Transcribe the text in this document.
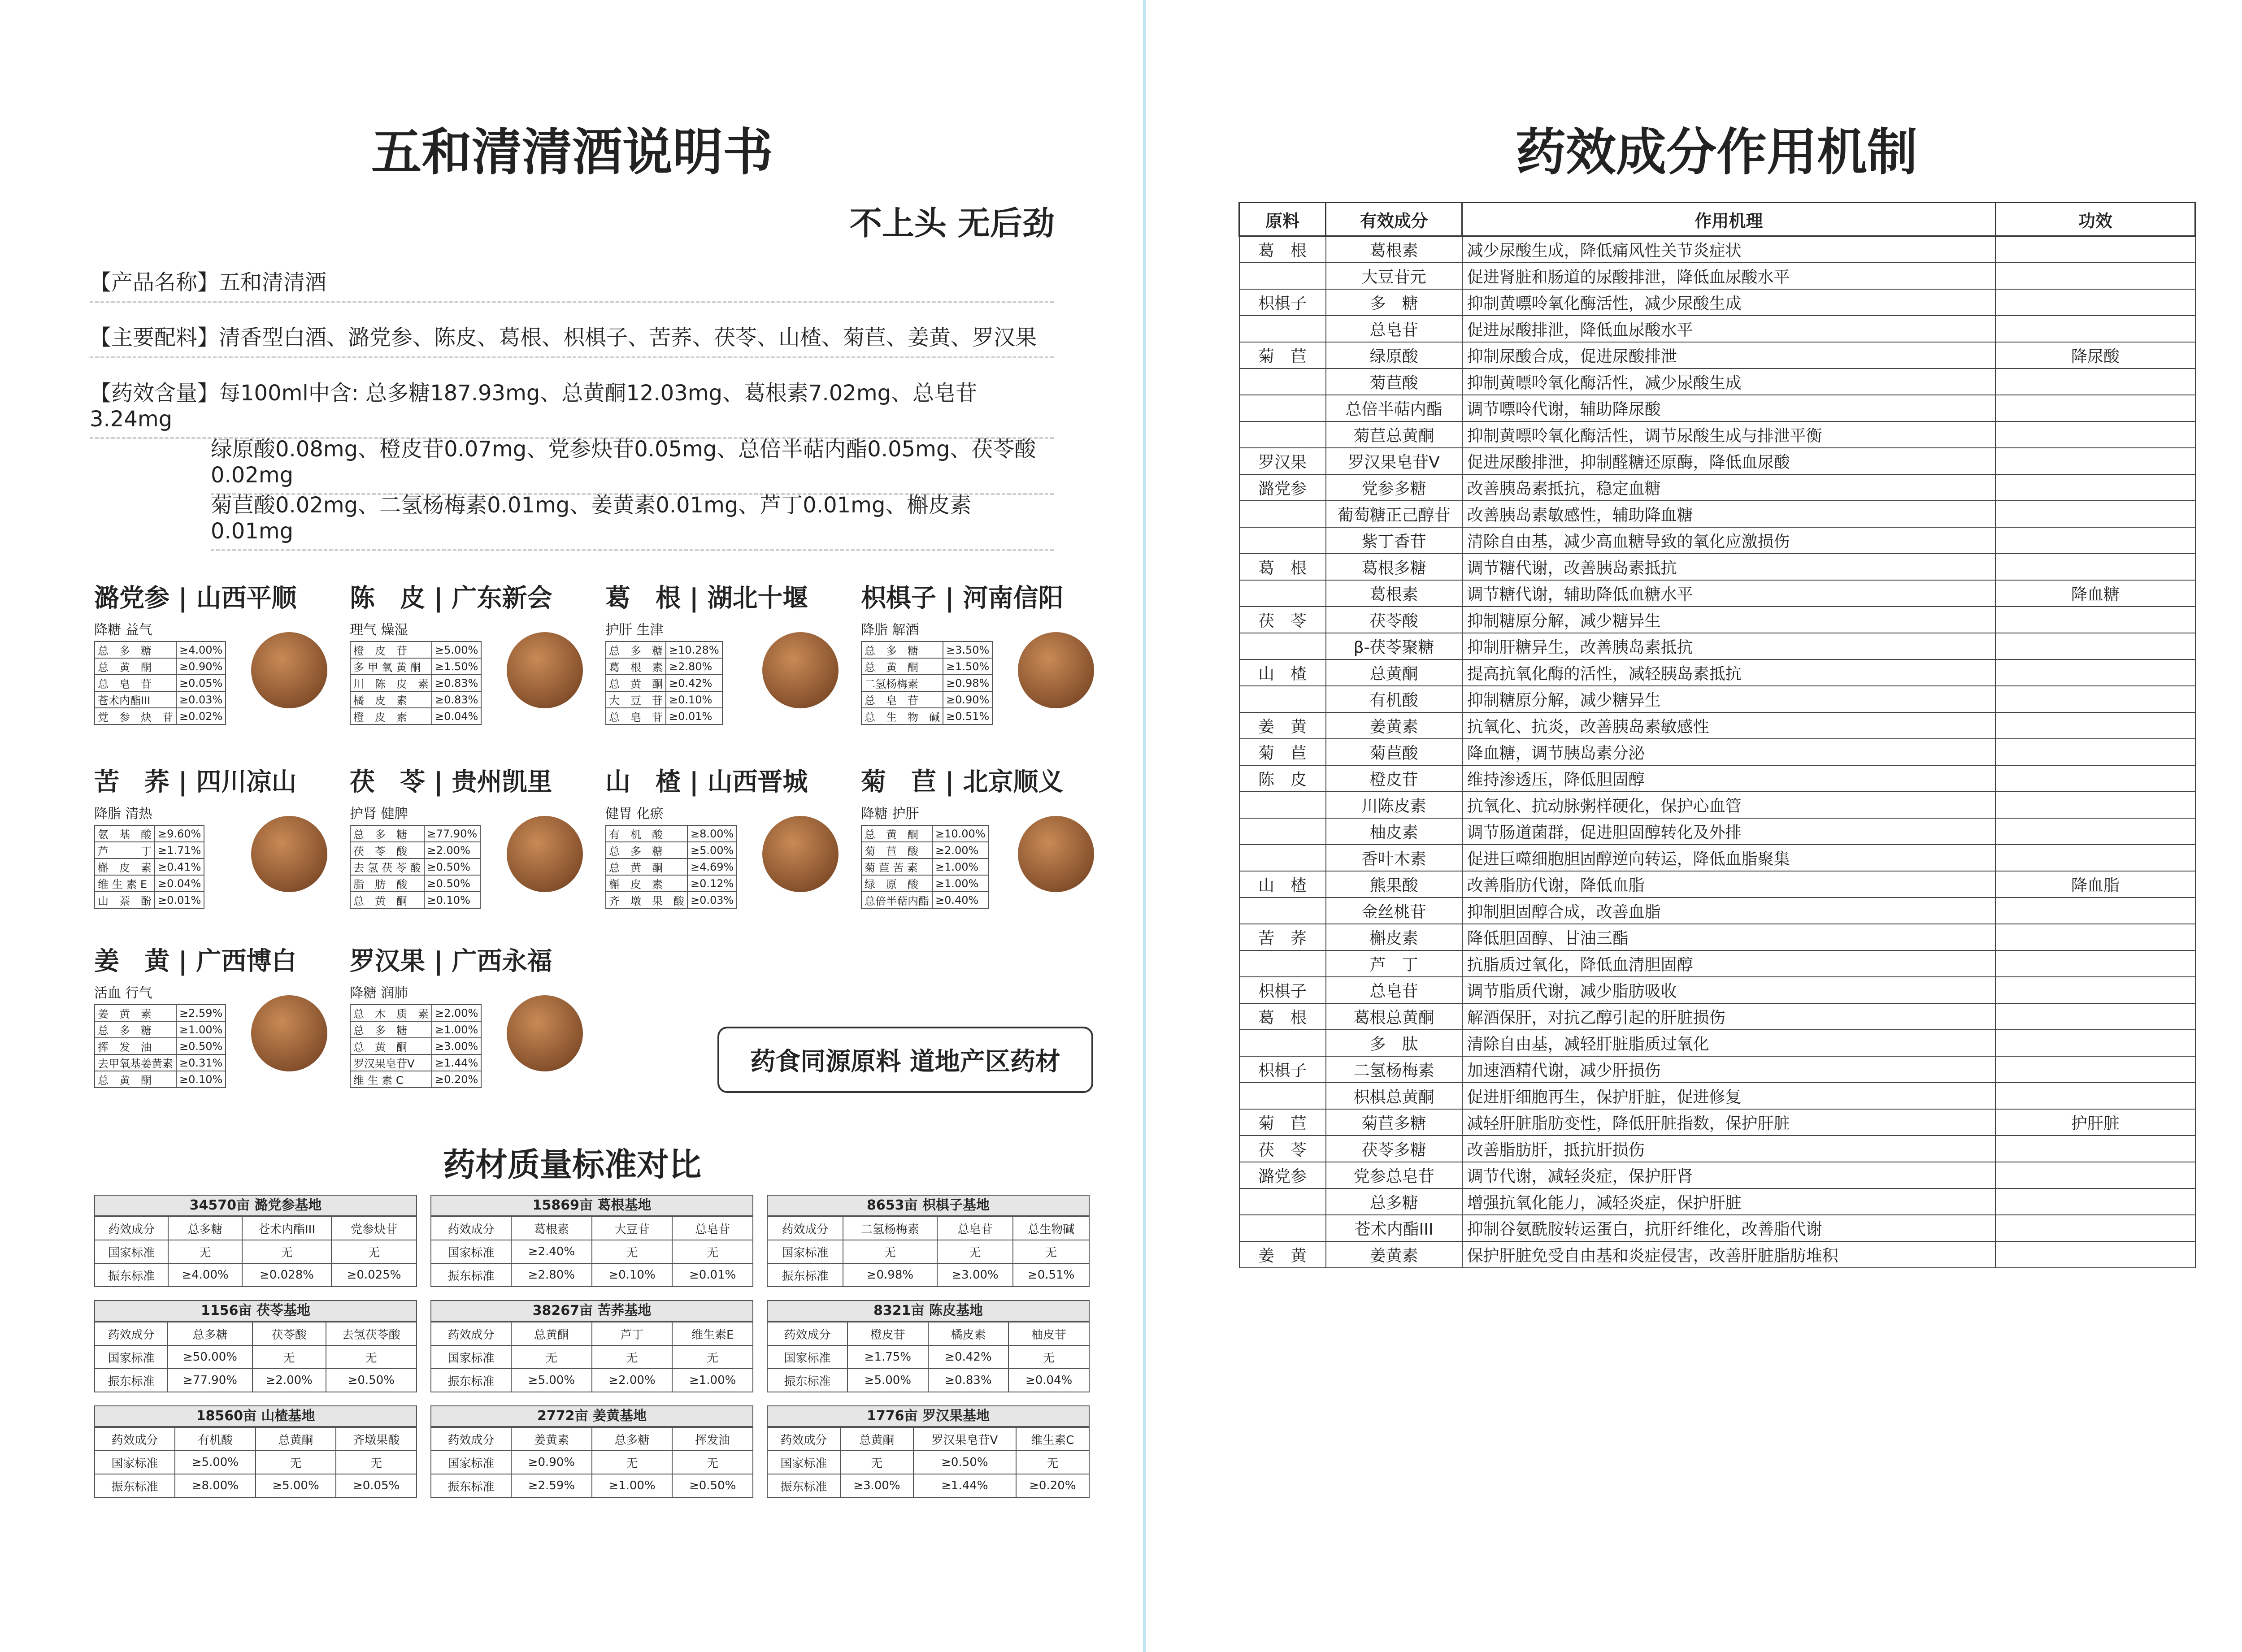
五和清清酒说明书
不上头 无后劲
【产品名称】五和清清酒
【主要配料】清香型白酒、潞党参、陈皮、葛根、枳椇子、苦荞、茯苓、山楂、菊苣、姜黄、罗汉果
【药效含量】每100ml中含: 总多糖187.93mg、总黄酮12.03mg、葛根素7.02mg、总皂苷3.24mg
绿原酸0.08mg、橙皮苷0.07mg、党参炔苷0.05mg、总倍半萜内酯0.05mg、茯苓酸0.02mg
菊苣酸0.02mg、二氢杨梅素0.01mg、姜黄素0.01mg、芦丁0.01mg、槲皮素0.01mg
潞党参 | 山西平顺
降糖 益气
总　多　糖	≥4.00%
总　黄　酮	≥0.90%
总　皂　苷	≥0.05%
苍术内酯III	≥0.03%
党　参　炔　苷	≥0.02%
陈　皮 | 广东新会
理气 燥湿
橙　皮　苷	≥5.00%
多 甲 氧 黄 酮	≥1.50%
川　陈　皮　素	≥0.83%
橘　皮　素	≥0.83%
橙　皮　素	≥0.04%
葛　根 | 湖北十堰
护肝 生津
总　多　糖	≥10.28%
葛　根　素	≥2.80%
总　黄　酮	≥0.42%
大　豆　苷	≥0.10%
总　皂　苷	≥0.01%
枳椇子 | 河南信阳
降脂 解酒
总　多　糖	≥3.50%
总　黄　酮	≥1.50%
二氢杨梅素	≥0.98%
总　皂　苷	≥0.90%
总　生　物　碱	≥0.51%
苦　荞 | 四川凉山
降脂 清热
氨　基　酸	≥9.60%
芦　　　丁	≥1.71%
槲　皮　素	≥0.41%
维 生 素 E	≥0.04%
山　萘　酚	≥0.01%
茯　苓 | 贵州凯里
护肾 健脾
总　多　糖	≥77.90%
茯　苓　酸	≥2.00%
去 氢 茯 苓 酸	≥0.50%
脂　肪　酸	≥0.50%
总　黄　酮	≥0.10%
山　楂 | 山西晋城
健胃 化瘀
有　机　酸	≥8.00%
总　多　糖	≥5.00%
总　黄　酮	≥4.69%
槲　皮　素	≥0.12%
齐　墩　果　酸	≥0.03%
菊　苣 | 北京顺义
降糖 护肝
总　黄　酮	≥10.00%
菊　苣　酸	≥2.00%
菊 苣 苦 素	≥1.00%
绿　原　酸	≥1.00%
总倍半萜内酯	≥0.40%
姜　黄 | 广西博白
活血 行气
姜　黄　素	≥2.59%
总　多　糖	≥1.00%
挥　发　油	≥0.50%
去甲氧基姜黄素	≥0.31%
总　黄　酮	≥0.10%
罗汉果 | 广西永福
降糖 润肺
总　木　质　素	≥2.00%
总　多　糖	≥1.00%
总　黄　酮	≥3.00%
罗汉果皂苷V	≥1.44%
维 生 素 C	≥0.20%
药食同源原料 道地产区药材
药材质量标准对比
34570亩 潞党参基地
药效成分	总多糖	苍术内酯III	党参炔苷
国家标准	无	无	无
振东标准	≥4.00%	≥0.028%	≥0.025%
15869亩 葛根基地
药效成分	葛根素	大豆苷	总皂苷
国家标准	≥2.40%	无	无
振东标准	≥2.80%	≥0.10%	≥0.01%
8653亩 枳椇子基地
药效成分	二氢杨梅素	总皂苷	总生物碱
国家标准	无	无	无
振东标准	≥0.98%	≥3.00%	≥0.51%
1156亩 茯苓基地
药效成分	总多糖	茯苓酸	去氢茯苓酸
国家标准	≥50.00%	无	无
振东标准	≥77.90%	≥2.00%	≥0.50%
38267亩 苦荞基地
药效成分	总黄酮	芦丁	维生素E
国家标准	无	无	无
振东标准	≥5.00%	≥2.00%	≥1.00%
8321亩 陈皮基地
药效成分	橙皮苷	橘皮素	柚皮苷
国家标准	≥1.75%	≥0.42%	无
振东标准	≥5.00%	≥0.83%	≥0.04%
18560亩 山楂基地
药效成分	有机酸	总黄酮	齐墩果酸
国家标准	≥5.00%	无	无
振东标准	≥8.00%	≥5.00%	≥0.05%
2772亩 姜黄基地
药效成分	姜黄素	总多糖	挥发油
国家标准	≥0.90%	无	无
振东标准	≥2.59%	≥1.00%	≥0.50%
1776亩 罗汉果基地
药效成分	总黄酮	罗汉果皂苷V	维生素C
国家标准	无	≥0.50%	无
振东标准	≥3.00%	≥1.44%	≥0.20%
药效成分作用机制
原料	有效成分	作用机理	功效
葛　根	葛根素	减少尿酸生成，降低痛风性关节炎症状	
	大豆苷元	促进肾脏和肠道的尿酸排泄，降低血尿酸水平	
枳椇子	多　糖	抑制黄嘌呤氧化酶活性，减少尿酸生成	
	总皂苷	促进尿酸排泄，降低血尿酸水平	
菊　苣	绿原酸	抑制尿酸合成，促进尿酸排泄	降尿酸
	菊苣酸	抑制黄嘌呤氧化酶活性，减少尿酸生成	
	总倍半萜内酯	调节嘌呤代谢，辅助降尿酸	
	菊苣总黄酮	抑制黄嘌呤氧化酶活性，调节尿酸生成与排泄平衡	
罗汉果	罗汉果皂苷V	促进尿酸排泄，抑制醛糖还原酶，降低血尿酸	
潞党参	党参多糖	改善胰岛素抵抗，稳定血糖	
	葡萄糖正己醇苷	改善胰岛素敏感性，辅助降血糖	
	紫丁香苷	清除自由基，减少高血糖导致的氧化应激损伤	
葛　根	葛根多糖	调节糖代谢，改善胰岛素抵抗	
	葛根素	调节糖代谢，辅助降低血糖水平	降血糖
茯　苓	茯苓酸	抑制糖原分解，减少糖异生	
	β-茯苓聚糖	抑制肝糖异生，改善胰岛素抵抗	
山　楂	总黄酮	提高抗氧化酶的活性，减轻胰岛素抵抗	
	有机酸	抑制糖原分解，减少糖异生	
姜　黄	姜黄素	抗氧化、抗炎，改善胰岛素敏感性	
菊　苣	菊苣酸	降血糖，调节胰岛素分泌	
陈　皮	橙皮苷	维持渗透压，降低胆固醇	
	川陈皮素	抗氧化、抗动脉粥样硬化，保护心血管	
	柚皮素	调节肠道菌群，促进胆固醇转化及外排	
	香叶木素	促进巨噬细胞胆固醇逆向转运，降低血脂聚集	
山　楂	熊果酸	改善脂肪代谢，降低血脂	降血脂
	金丝桃苷	抑制胆固醇合成，改善血脂	
苦　荞	槲皮素	降低胆固醇、甘油三酯	
	芦　丁	抗脂质过氧化，降低血清胆固醇	
枳椇子	总皂苷	调节脂质代谢，减少脂肪吸收	
葛　根	葛根总黄酮	解酒保肝，对抗乙醇引起的肝脏损伤	
	多　肽	清除自由基，减轻肝脏脂质过氧化	
枳椇子	二氢杨梅素	加速酒精代谢，减少肝损伤	
	枳椇总黄酮	促进肝细胞再生，保护肝脏，促进修复	
菊　苣	菊苣多糖	减轻肝脏脂肪变性，降低肝脏指数，保护肝脏	护肝脏
茯　苓	茯苓多糖	改善脂肪肝，抵抗肝损伤	
潞党参	党参总皂苷	调节代谢，减轻炎症，保护肝肾	
	总多糖	增强抗氧化能力，减轻炎症，保护肝脏	
	苍术内酯III	抑制谷氨酰胺转运蛋白，抗肝纤维化，改善脂代谢	
姜　黄	姜黄素	保护肝脏免受自由基和炎症侵害，改善肝脏脂肪堆积	
